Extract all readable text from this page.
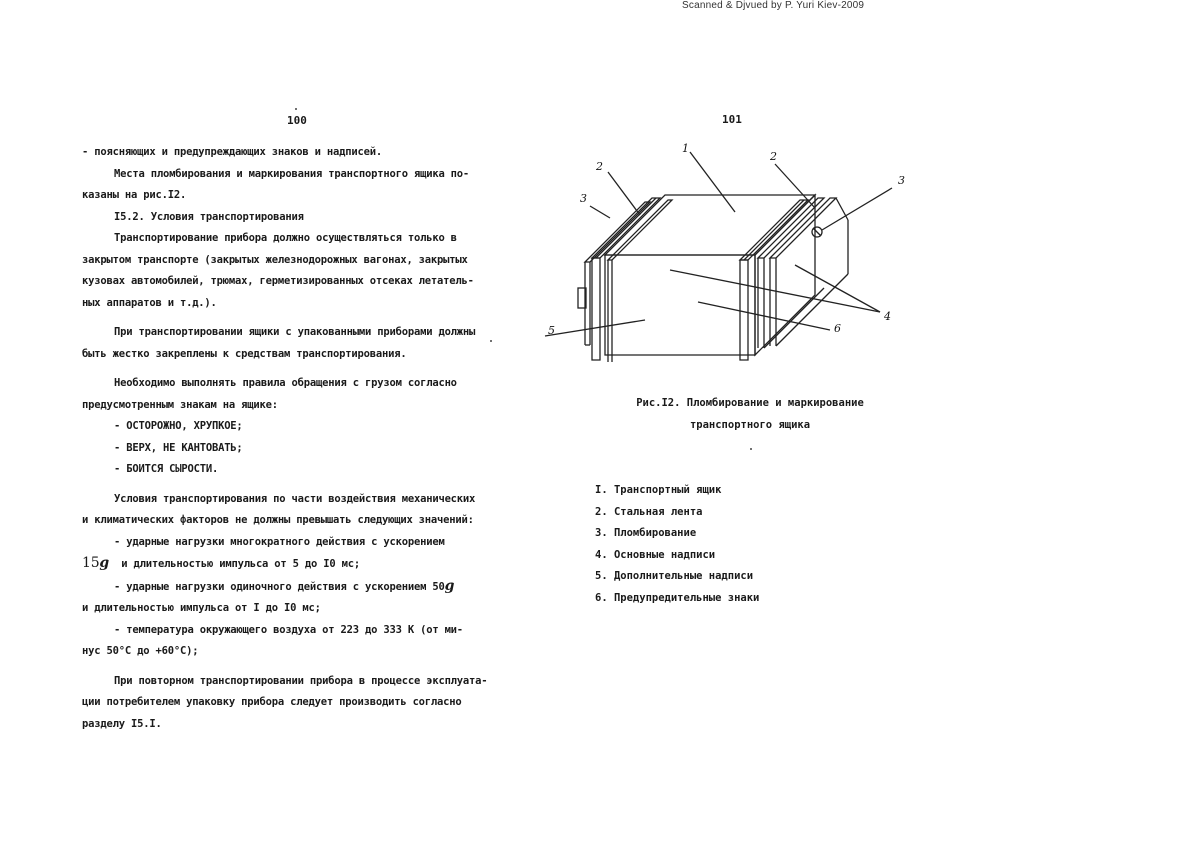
Scanned & Djvued by P. Yuri Kiev-2009
100	101

- поясняющих и предупреждающих знаков и надписей.

Места пломбирования и маркирования транспортного ящика по-

казаны на рис.I2.

I5.2. Условия транспортирования

Транспортирование прибора должно осуществляться только в

закрытом транспорте (закрытых железнодорожных вагонах, закрытых

кузовах автомобилей, трюмах, герметизированных отсеках летатель-

ных аппаратов и т.д.).

При транспортировании ящики с упакованными приборами должны

быть жестко закреплены к средствам транспортирования.

Необходимо выполнять правила обращения с грузом согласно

предусмотренным знакам на ящике:

- ОСТОРОЖНО, ХРУПКОЕ;

- ВЕРХ, НЕ КАНТОВАТЬ;

- БОИТСЯ СЫРОСТИ.

Условия транспортирования по части воздействия механических

и климатических факторов не должны превышать следующих значений:

- ударные нагрузки многократного действия с ускорением

15g и длительностью импульса от 5 до I0 мс;

- ударные нагрузки одиночного действия с ускорением 50g

и длительностью импульса от I до I0 мс;

- температура окружающего воздуха от 223 до 333 К (от ми-

нус 50°С до +60°С);

При повторном транспортировании прибора в процессе эксплуата-

ции потребителем упаковку прибора следует производить согласно

разделу I5.I.

1
2
2
3
3
4
5	6

Рис.I2. Пломбирование и маркирование

транспортного ящика

I. Транспортный ящик

2. Стальная лента

3. Пломбирование

4. Основные надписи

5. Дополнительные надписи

6. Предупредительные знаки
